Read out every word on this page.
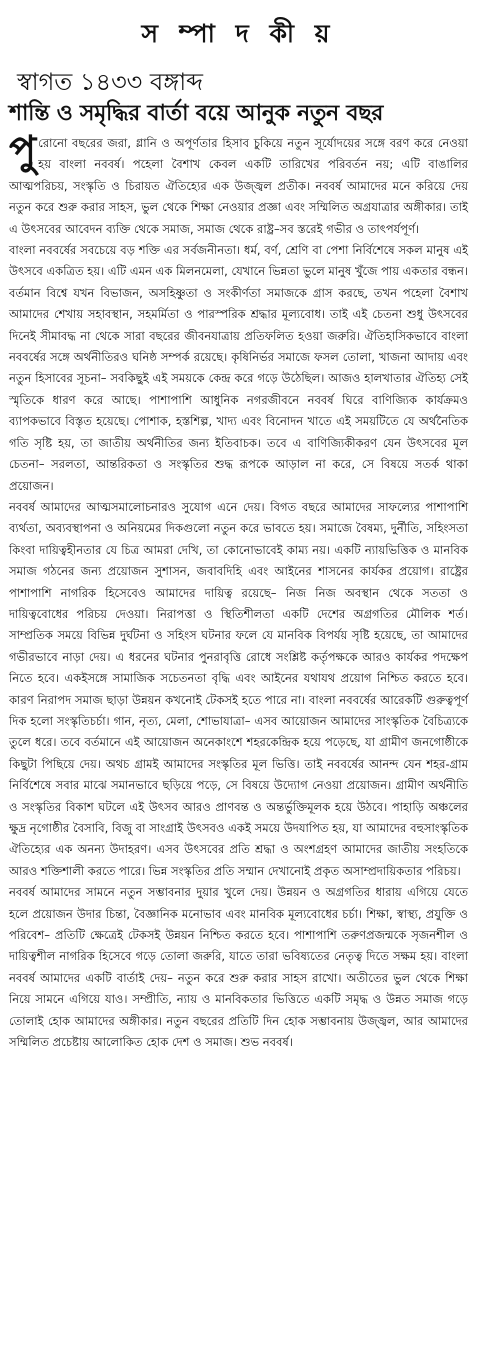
স ম্পা দ কী য়
স্বাগত ১৪৩৩ বঙ্গাব্দ
শান্তি ও সমৃদ্ধির বার্তা বয়ে আনুক নতুন বছর

পুরোনো বছরের জরা, গ্লানি ও অপূর্ণতার হিসাব চুকিয়ে নতুন সূর্যোদয়ের সঙ্গে বরণ করে নেওয়া হয় বাংলা নববর্ষ। পহেলা বৈশাখ কেবল একটি তারিখের পরিবর্তন নয়; এটি বাঙালির আত্মপরিচয়, সংস্কৃতি ও চিরায়ত ঐতিহ্যের এক উজ্জ্বল প্রতীক। নববর্ষ আমাদের মনে করিয়ে দেয় নতুন করে শুরু করার সাহস, ভুল থেকে শিক্ষা নেওয়ার প্রজ্ঞা এবং সম্মিলিত অগ্রযাত্রার অঙ্গীকার। তাই এ উৎসবের আবেদন ব্যক্তি থেকে সমাজ, সমাজ থেকে রাষ্ট্র–সব স্তরেই গভীর ও তাৎপর্যপূর্ণ।

বাংলা নববর্ষের সবচেয়ে বড় শক্তি এর সর্বজনীনতা। ধর্ম, বর্ণ, শ্রেণি বা পেশা নির্বিশেষে সকল মানুষ এই উৎসবে একত্রিত হয়। এটি এমন এক মিলনমেলা, যেখানে ভিন্নতা ভুলে মানুষ খুঁজে পায় একতার বন্ধন। বর্তমান বিশ্বে যখন বিভাজন, অসহিষ্ণুতা ও সংকীর্ণতা সমাজকে গ্রাস করছে, তখন পহেলা বৈশাখ আমাদের শেখায় সহাবস্থান, সহমর্মিতা ও পারস্পরিক শ্রদ্ধার মূল্যবোধ। তাই এই চেতনা শুধু উৎসবের দিনেই সীমাবদ্ধ না থেকে সারা বছরের জীবনযাত্রায় প্রতিফলিত হওয়া জরুরি। ঐতিহাসিকভাবে বাংলা নববর্ষের সঙ্গে অর্থনীতিরও ঘনিষ্ঠ সম্পর্ক রয়েছে। কৃষিনির্ভর সমাজে ফসল তোলা, খাজনা আদায় এবং নতুন হিসাবের সূচনা– সবকিছুই এই সময়কে কেন্দ্র করে গড়ে উঠেছিল। আজও হালখাতার ঐতিহ্য সেই স্মৃতিকে ধারণ করে আছে। পাশাপাশি আধুনিক নগরজীবনে নববর্ষ ঘিরে বাণিজ্যিক কার্যক্রমও ব্যাপকভাবে বিস্তৃত হয়েছে। পোশাক, হস্তশিল্প, খাদ্য এবং বিনোদন খাতে এই সময়টিতে যে অর্থনৈতিক গতি সৃষ্টি হয়, তা জাতীয় অর্থনীতির জন্য ইতিবাচক। তবে এ বাণিজ্যিকীকরণ যেন উৎসবের মূল চেতনা– সরলতা, আন্তরিকতা ও সংস্কৃতির শুদ্ধ রূপকে আড়াল না করে, সে বিষয়ে সতর্ক থাকা প্রয়োজন।

নববর্ষ আমাদের আত্মসমালোচনারও সুযোগ এনে দেয়। বিগত বছরে আমাদের সাফল্যের পাশাপাশি ব্যর্থতা, অব্যবস্থাপনা ও অনিয়মের দিকগুলো নতুন করে ভাবতে হয়। সমাজে বৈষম্য, দুর্নীতি, সহিংসতা কিংবা দায়িত্বহীনতার যে চিত্র আমরা দেখি, তা কোনোভাবেই কাম্য নয়। একটি ন্যায়ভিত্তিক ও মানবিক সমাজ গঠনের জন্য প্রয়োজন সুশাসন, জবাবদিহি এবং আইনের শাসনের কার্যকর প্রয়োগ। রাষ্ট্রের পাশাপাশি নাগরিক হিসেবেও আমাদের দায়িত্ব রয়েছে– নিজ নিজ অবস্থান থেকে সততা ও দায়িত্ববোধের পরিচয় দেওয়া। নিরাপত্তা ও স্থিতিশীলতা একটি দেশের অগ্রগতির মৌলিক শর্ত। সাম্প্রতিক সময়ে বিভিন্ন দুর্ঘটনা ও সহিংস ঘটনার ফলে যে মানবিক বিপর্যয় সৃষ্টি হয়েছে, তা আমাদের গভীরভাবে নাড়া দেয়। এ ধরনের ঘটনার পুনরাবৃত্তি রোধে সংশ্লিষ্ট কর্তৃপক্ষকে আরও কার্যকর পদক্ষেপ নিতে হবে। একইসঙ্গে সামাজিক সচেতনতা বৃদ্ধি এবং আইনের যথাযথ প্রয়োগ নিশ্চিত করতে হবে। কারণ নিরাপদ সমাজ ছাড়া উন্নয়ন কখনোই টেকসই হতে পারে না। বাংলা নববর্ষের আরেকটি গুরুত্বপূর্ণ দিক হলো সংস্কৃতিচর্চা। গান, নৃত্য, মেলা, শোভাযাত্রা– এসব আয়োজন আমাদের সাংস্কৃতিক বৈচিত্র্যকে তুলে ধরে। তবে বর্তমানে এই আয়োজন অনেকাংশে শহরকেন্দ্রিক হয়ে পড়েছে, যা গ্রামীণ জনগোষ্ঠীকে কিছুটা পিছিয়ে দেয়। অথচ গ্রামই আমাদের সংস্কৃতির মূল ভিত্তি। তাই নববর্ষের আনন্দ যেন শহর-গ্রাম নির্বিশেষে সবার মাঝে সমানভাবে ছড়িয়ে পড়ে, সে বিষয়ে উদ্যোগ নেওয়া প্রয়োজন। গ্রামীণ অর্থনীতি ও সংস্কৃতির বিকাশ ঘটলে এই উৎসব আরও প্রাণবন্ত ও অন্তর্ভুক্তিমূলক হয়ে উঠবে। পাহাড়ি অঞ্চলের ক্ষুদ্র নৃগোষ্ঠীর বৈসাবি, বিজু বা সাংগ্রাই উৎসবও একই সময়ে উদযাপিত হয়, যা আমাদের বহুসাংস্কৃতিক ঐতিহ্যের এক অনন্য উদাহরণ। এসব উৎসবের প্রতি শ্রদ্ধা ও অংশগ্রহণ আমাদের জাতীয় সংহতিকে আরও শক্তিশালী করতে পারে। ভিন্ন সংস্কৃতির প্রতি সম্মান দেখানোই প্রকৃত অসাম্প্রদায়িকতার পরিচয়।

নববর্ষ আমাদের সামনে নতুন সম্ভাবনার দুয়ার খুলে দেয়। উন্নয়ন ও অগ্রগতির ধারায় এগিয়ে যেতে হলে প্রয়োজন উদার চিন্তা, বৈজ্ঞানিক মনোভাব এবং মানবিক মূল্যবোধের চর্চা। শিক্ষা, স্বাস্থ্য, প্রযুক্তি ও পরিবেশ– প্রতিটি ক্ষেত্রেই টেকসই উন্নয়ন নিশ্চিত করতে হবে। পাশাপাশি তরুণপ্রজন্মকে সৃজনশীল ও দায়িত্বশীল নাগরিক হিসেবে গড়ে তোলা জরুরি, যাতে তারা ভবিষ্যতের নেতৃত্ব দিতে সক্ষম হয়। বাংলা নববর্ষ আমাদের একটি বার্তাই দেয়– নতুন করে শুরু করার সাহস রাখো। অতীতের ভুল থেকে শিক্ষা নিয়ে সামনে এগিয়ে যাও। সম্প্রীতি, ন্যায় ও মানবিকতার ভিত্তিতে একটি সমৃদ্ধ ও উন্নত সমাজ গড়ে তোলাই হোক আমাদের অঙ্গীকার। নতুন বছরের প্রতিটি দিন হোক সম্ভাবনায় উজ্জ্বল, আর আমাদের সম্মিলিত প্রচেষ্টায় আলোকিত হোক দেশ ও সমাজ। শুভ নববর্ষ।
